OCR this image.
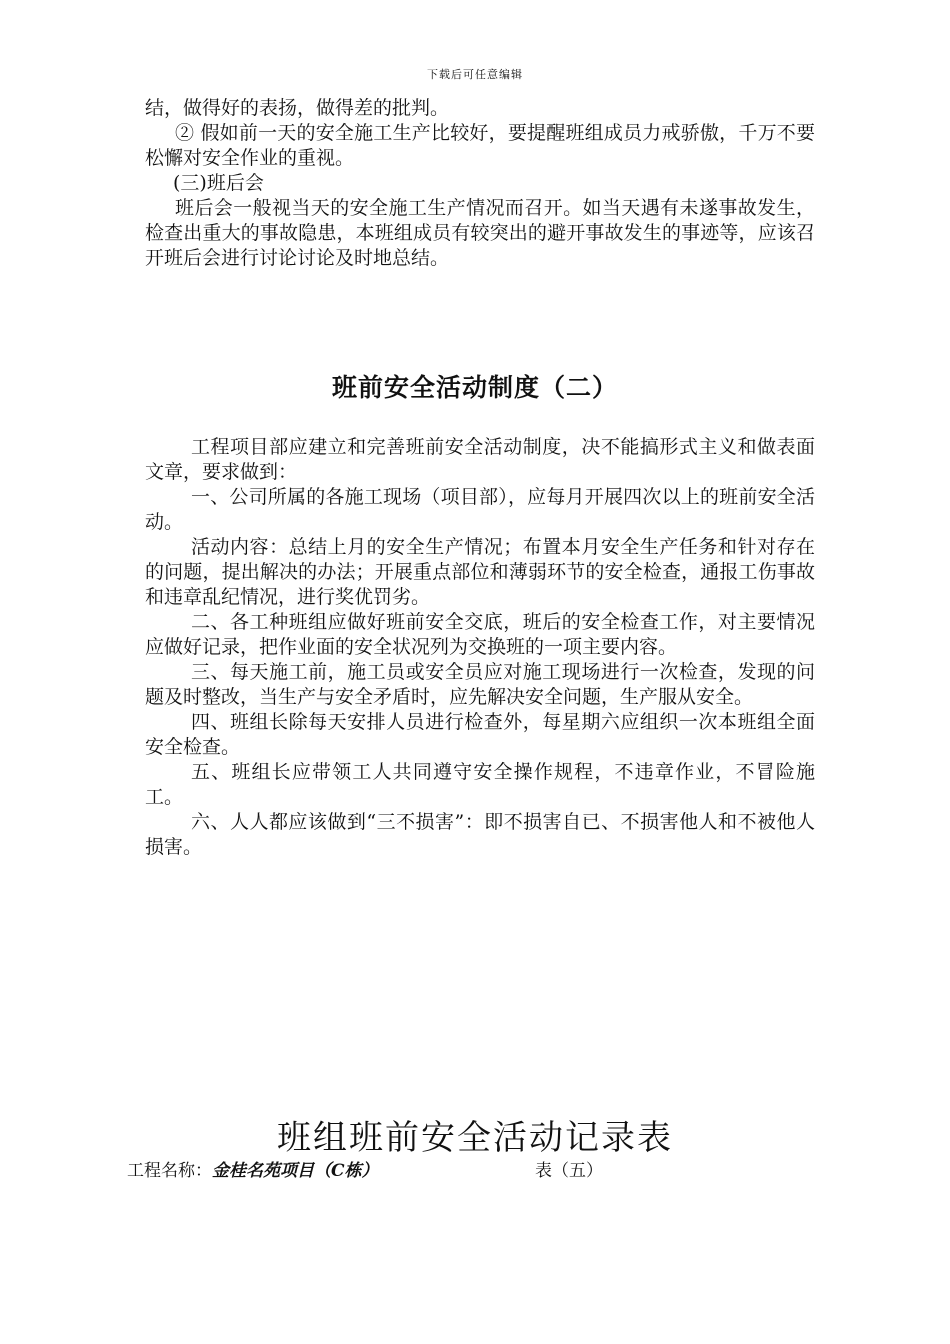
下载后可任意编辑

结，做得好的表扬，做得差的批判。

② 假如前一天的安全施工生产比较好，要提醒班组成员力戒骄傲，千万不要松懈对安全作业的重视。

(三)班后会

班后会一般视当天的安全施工生产情况而召开。如当天遇有未遂事故发生，检查出重大的事故隐患，本班组成员有较突出的避开事故发生的事迹等，应该召开班后会进行讨论讨论及时地总结。

班前安全活动制度（二）

工程项目部应建立和完善班前安全活动制度，决不能搞形式主义和做表面文章，要求做到：

一、公司所属的各施工现场（项目部），应每月开展四次以上的班前安全活动。

活动内容：总结上月的安全生产情况；布置本月安全生产任务和针对存在的问题，提出解决的办法；开展重点部位和薄弱环节的安全检查，通报工伤事故和违章乱纪情况，进行奖优罚劣。

二、各工种班组应做好班前安全交底，班后的安全检查工作，对主要情况应做好记录，把作业面的安全状况列为交换班的一项主要内容。

三、每天施工前，施工员或安全员应对施工现场进行一次检查，发现的问题及时整改，当生产与安全矛盾时，应先解决安全问题，生产服从安全。

四、班组长除每天安排人员进行检查外，每星期六应组织一次本班组全面安全检查。

五、班组长应带领工人共同遵守安全操作规程，不违章作业，不冒险施工。

六、人人都应该做到“三不损害”：即不损害自已、不损害他人和不被他人损害。

班组班前安全活动记录表
工程名称：金桂名苑项目（C栋）	表（五）
